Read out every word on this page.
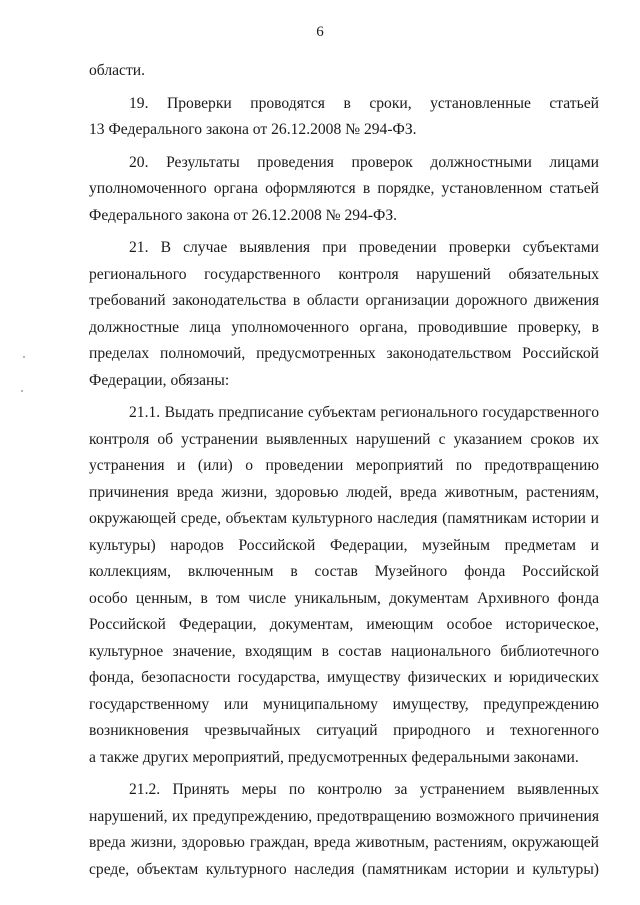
6
области.
19. Проверки проводятся в сроки, установленные статьей
13 Федерального закона от 26.12.2008 № 294-ФЗ.
20. Результаты проведения проверок должностными лицами
уполномоченного органа оформляются в порядке, установленном статьей
Федерального закона от 26.12.2008 № 294-ФЗ.
21. В случае выявления при проведении проверки субъектами
регионального государственного контроля нарушений обязательных
требований законодательства в области организации дорожного движения
должностные лица уполномоченного органа, проводившие проверку, в
пределах полномочий, предусмотренных законодательством Российской
Федерации, обязаны:
21.1. Выдать предписание субъектам регионального государственного
контроля об устранении выявленных нарушений с указанием сроков их
устранения и (или) о проведении мероприятий по предотвращению
причинения вреда жизни, здоровью людей, вреда животным, растениям,
окружающей среде, объектам культурного наследия (памятникам истории и
культуры) народов Российской Федерации, музейным предметам и
коллекциям, включенным в состав Музейного фонда Российской
особо ценным, в том числе уникальным, документам Архивного фонда
Российской Федерации, документам, имеющим особое историческое,
культурное значение, входящим в состав национального библиотечного
фонда, безопасности государства, имуществу физических и юридических
государственному или муниципальному имуществу, предупреждению
возникновения чрезвычайных ситуаций природного и техногенного
а также других мероприятий, предусмотренных федеральными законами.
21.2. Принять меры по контролю за устранением выявленных
нарушений, их предупреждению, предотвращению возможного причинения
вреда жизни, здоровью граждан, вреда животным, растениям, окружающей
среде, объектам культурного наследия (памятникам истории и культуры)
